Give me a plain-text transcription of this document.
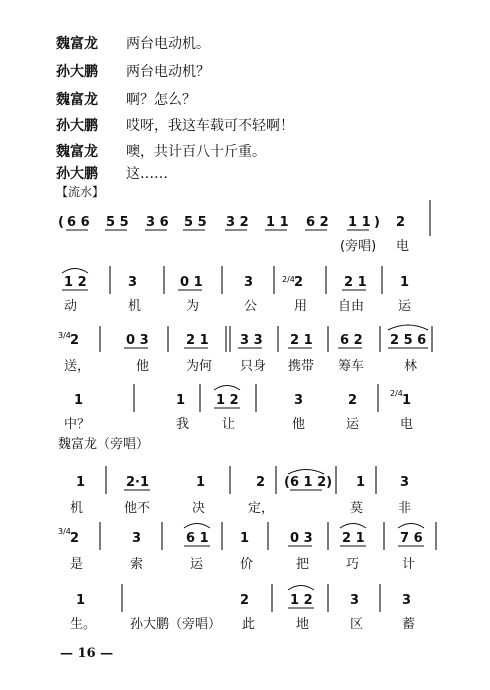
魏富龙 两台电动机。
孙大鹏 两台电动机？
魏富龙 啊？怎么？
孙大鹏 哎呀，我这车载可不轻啊！
魏富龙 噢，共计百八十斤重。
孙大鹏 这……
【流水】
( 6 6 5 5 3 6 5 5 3 2 1 1 6 2 1 1 ) 2
(旁唱) 电
1 2	3	0 1	3	2/4 2	2 1	1
动	机	为	公	用 自由	运
3/4 2	0 3	2 1 3 3 2 1 6 2 2 5 6
送，	他	为何 只身 携带 筹车	林
1	1 1 2	3	2	2/4 1
中？	我	让	他	运	电
魏富龙（旁唱）
1	2·1	1	2 (6 1 2) 1	3
机	他不	决	定，	莫	非
3/4 2	3	6 1 1	0 3 2 1	7 6
是	索	运	价	把	巧	计
1	2	1 2	3	3
生。	孙大鹏（旁唱） 此	地	区	蓄
— 16 —
